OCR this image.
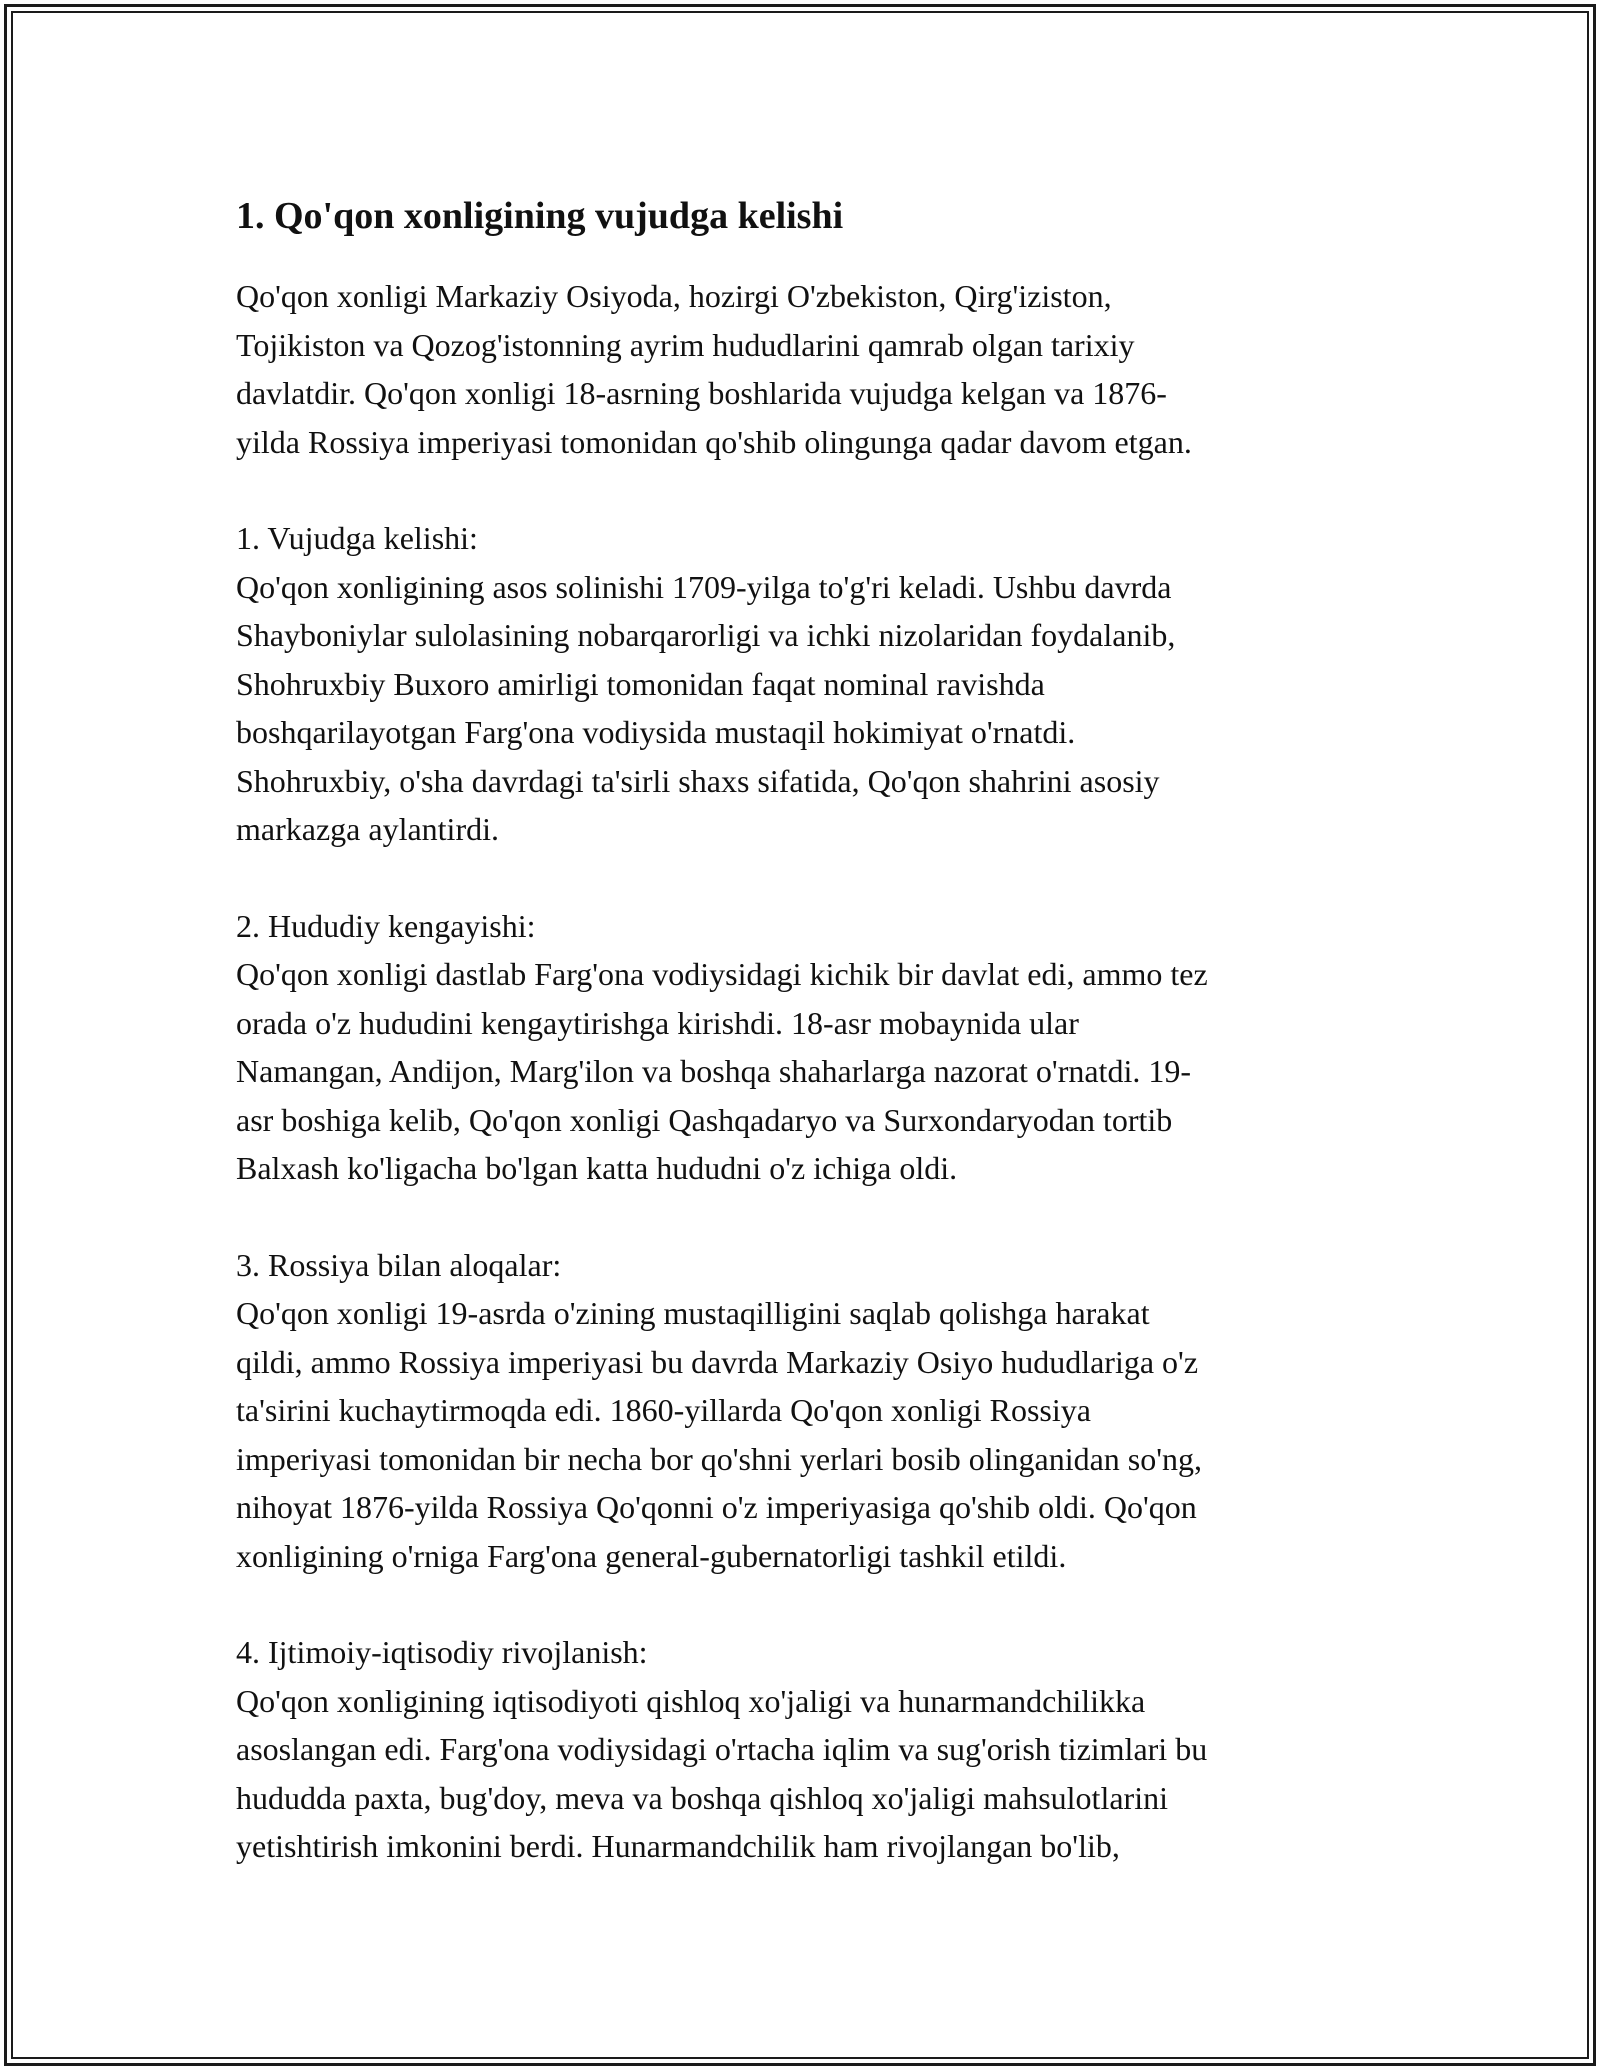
1. Qo'qon xonligining vujudga kelishi

Qo'qon xonligi Markaziy Osiyoda, hozirgi O'zbekiston, Qirg'iziston,
Tojikiston va Qozog'istonning ayrim hududlarini qamrab olgan tarixiy
davlatdir. Qo'qon xonligi 18-asrning boshlarida vujudga kelgan va 1876-
yilda Rossiya imperiyasi tomonidan qo'shib olingunga qadar davom etgan.

1. Vujudga kelishi:

Qo'qon xonligining asos solinishi 1709-yilga to'g'ri keladi. Ushbu davrda
Shayboniylar sulolasining nobarqarorligi va ichki nizolaridan foydalanib,
Shohruxbiy Buxoro amirligi tomonidan faqat nominal ravishda
boshqarilayotgan Farg'ona vodiysida mustaqil hokimiyat o'rnatdi.
Shohruxbiy, o'sha davrdagi ta'sirli shaxs sifatida, Qo'qon shahrini asosiy
markazga aylantirdi.

2. Hududiy kengayishi:

Qo'qon xonligi dastlab Farg'ona vodiysidagi kichik bir davlat edi, ammo tez
orada o'z hududini kengaytirishga kirishdi. 18-asr mobaynida ular
Namangan, Andijon, Marg'ilon va boshqa shaharlarga nazorat o'rnatdi. 19-
asr boshiga kelib, Qo'qon xonligi Qashqadaryo va Surxondaryodan tortib
Balxash ko'ligacha bo'lgan katta hududni o'z ichiga oldi.

3. Rossiya bilan aloqalar:

Qo'qon xonligi 19-asrda o'zining mustaqilligini saqlab qolishga harakat
qildi, ammo Rossiya imperiyasi bu davrda Markaziy Osiyo hududlariga o'z
ta'sirini kuchaytirmoqda edi. 1860-yillarda Qo'qon xonligi Rossiya
imperiyasi tomonidan bir necha bor qo'shni yerlari bosib olinganidan so'ng,
nihoyat 1876-yilda Rossiya Qo'qonni o'z imperiyasiga qo'shib oldi. Qo'qon
xonligining o'rniga Farg'ona general-gubernatorligi tashkil etildi.

4. Ijtimoiy-iqtisodiy rivojlanish:

Qo'qon xonligining iqtisodiyoti qishloq xo'jaligi va hunarmandchilikka
asoslangan edi. Farg'ona vodiysidagi o'rtacha iqlim va sug'orish tizimlari bu
hududda paxta, bug'doy, meva va boshqa qishloq xo'jaligi mahsulotlarini
yetishtirish imkonini berdi. Hunarmandchilik ham rivojlangan bo'lib,
